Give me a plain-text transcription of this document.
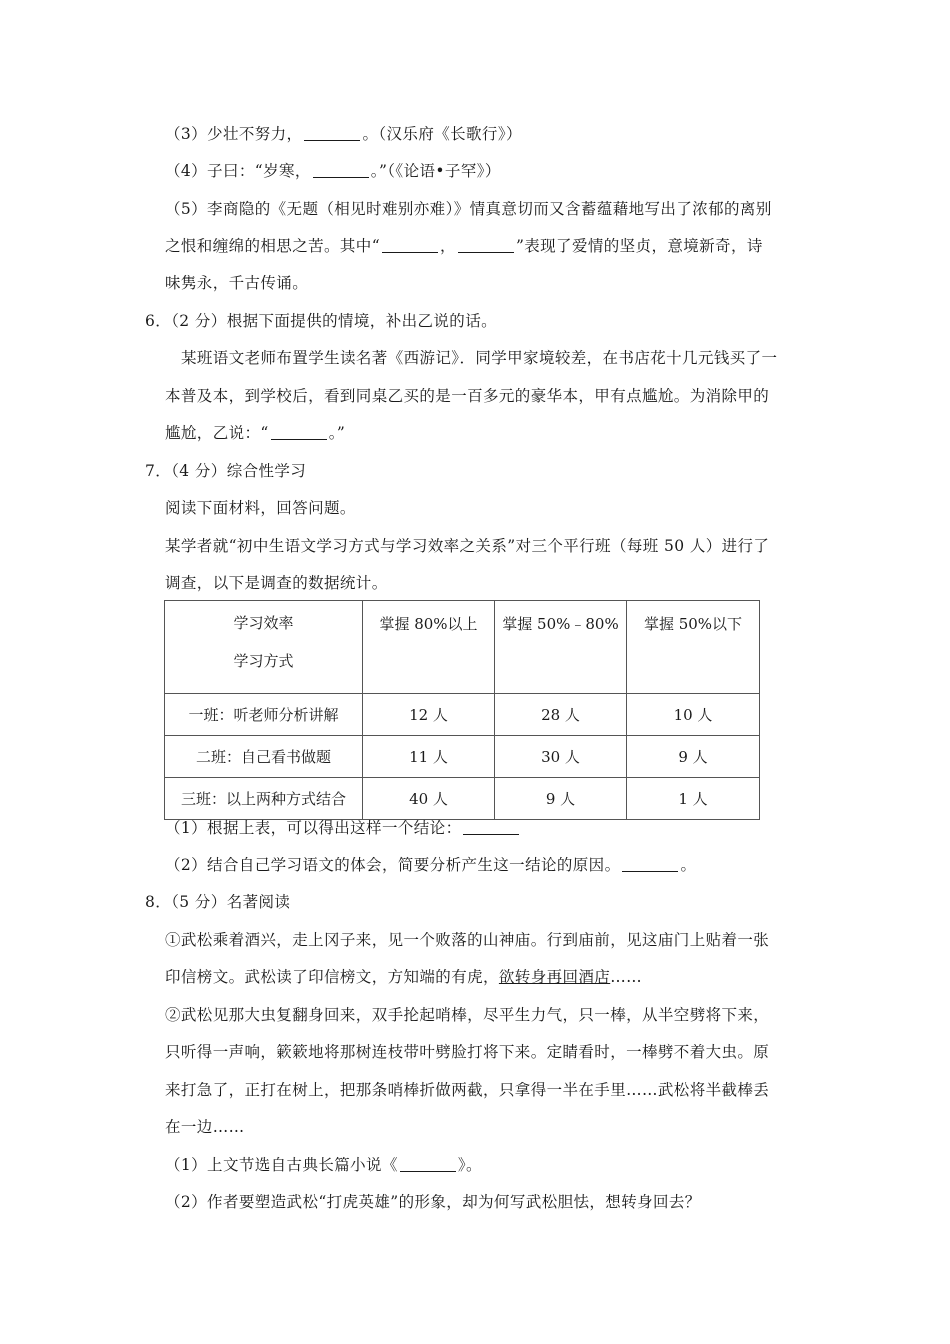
（3）少壮不努力，	。（汉乐府《长歌行》）
（4）子曰：“岁寒，	。”（《论语•子罕》）
（5）李商隐的《无题（相见时难别亦难）》情真意切而又含蓄蕴藉地写出了浓郁的离别
之恨和缠绵的相思之苦。其中“	，	”表现了爱情的坚贞，意境新奇，诗
味隽永，千古传诵。
6．（2 分）根据下面提供的情境，补出乙说的话。
某班语文老师布置学生读名著《西游记》．同学甲家境较差，在书店花十几元钱买了一
本普及本，到学校后，看到同桌乙买的是一百多元的豪华本，甲有点尴尬。为消除甲的
尴尬，乙说：“	。”
7．（4 分）综合性学习
阅读下面材料，回答问题。
某学者就“初中生语文学习方式与学习效率之关系”对三个平行班（每班 50 人）进行了
调查，以下是调查的数据统计。
学习效率
学习方式	掌握 80%以上	掌握 50%﹣80%	掌握 50%以下
一班：听老师分析讲解	12 人	28 人	10 人
二班：自己看书做题	11 人	30 人	9 人
三班：以上两种方式结合	40 人	9 人	1 人
（1）根据上表，可以得出这样一个结论：
（2）结合自己学习语文的体会，简要分析产生这一结论的原因。	。
8．（5 分）名著阅读
①武松乘着酒兴，走上冈子来，见一个败落的山神庙。行到庙前，见这庙门上贴着一张
印信榜文。武松读了印信榜文，方知端的有虎，欲转身再回酒店……
②武松见那大虫复翻身回来，双手抡起哨棒，尽平生力气，只一棒，从半空劈将下来，
只听得一声响，簌簌地将那树连枝带叶劈脸打将下来。定睛看时，一棒劈不着大虫。原
来打急了，正打在树上，把那条哨棒折做两截，只拿得一半在手里……武松将半截棒丢
在一边……
（1）上文节选自古典长篇小说《	》。
（2）作者要塑造武松“打虎英雄”的形象，却为何写武松胆怯，想转身回去？
